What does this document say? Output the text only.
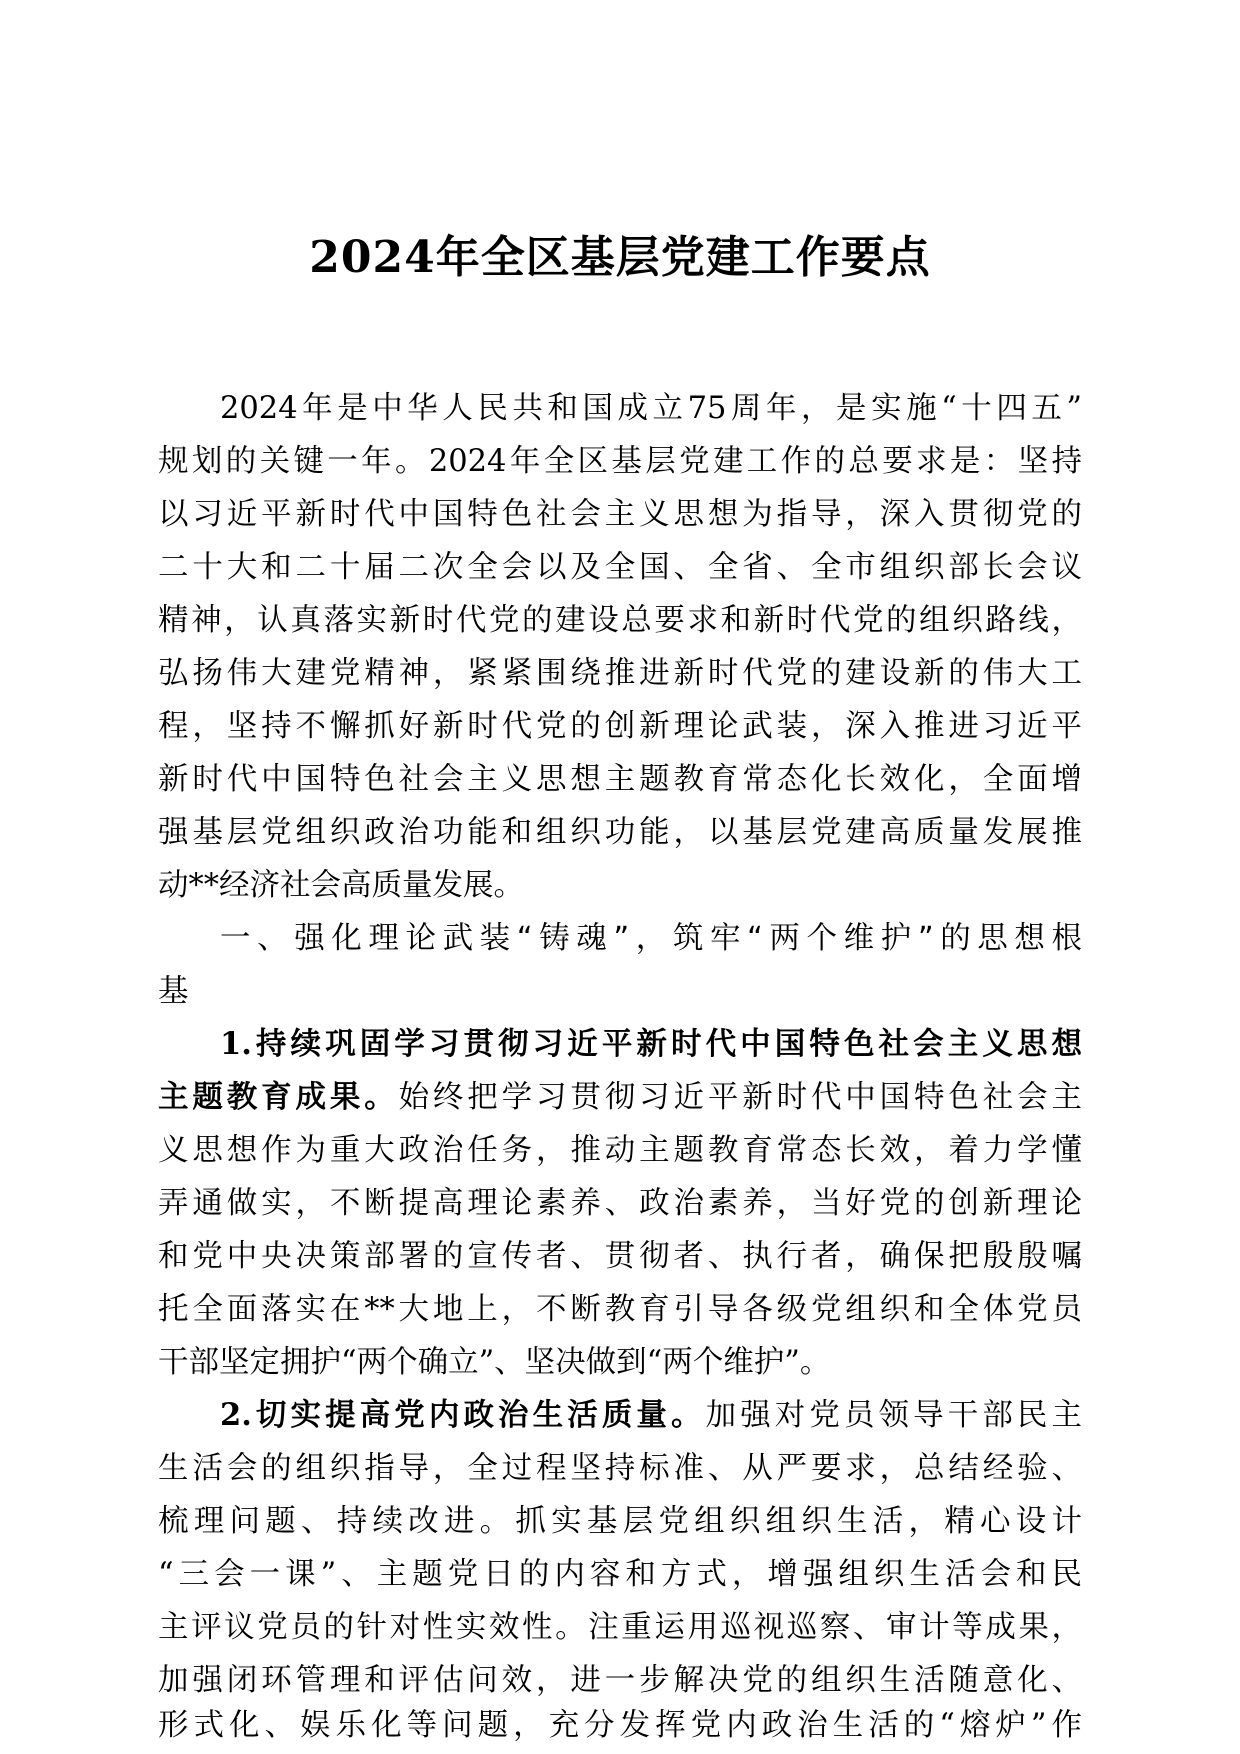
2024年全区基层党建工作要点
2024年是中华人民共和国成立75周年，是实施“十四五”
规划的关键一年。2024年全区基层党建工作的总要求是：坚持
以习近平新时代中国特色社会主义思想为指导，深入贯彻党的
二十大和二十届二次全会以及全国、全省、全市组织部长会议
精神，认真落实新时代党的建设总要求和新时代党的组织路线，
弘扬伟大建党精神，紧紧围绕推进新时代党的建设新的伟大工
程，坚持不懈抓好新时代党的创新理论武装，深入推进习近平
新时代中国特色社会主义思想主题教育常态化长效化，全面增
强基层党组织政治功能和组织功能，以基层党建高质量发展推
动**经济社会高质量发展。
一、强化理论武装“铸魂”，筑牢“两个维护”的思想根
基
1.持续巩固学习贯彻习近平新时代中国特色社会主义思想
主题教育成果。始终把学习贯彻习近平新时代中国特色社会主
义思想作为重大政治任务，推动主题教育常态长效，着力学懂
弄通做实，不断提高理论素养、政治素养，当好党的创新理论
和党中央决策部署的宣传者、贯彻者、执行者，确保把殷殷嘱
托全面落实在**大地上，不断教育引导各级党组织和全体党员
干部坚定拥护“两个确立”、坚决做到“两个维护”。
2.切实提高党内政治生活质量。加强对党员领导干部民主
生活会的组织指导，全过程坚持标准、从严要求，总结经验、
梳理问题、持续改进。抓实基层党组织组织生活，精心设计
“三会一课”、主题党日的内容和方式，增强组织生活会和民
主评议党员的针对性实效性。注重运用巡视巡察、审计等成果，
加强闭环管理和评估问效，进一步解决党的组织生活随意化、
形式化、娱乐化等问题，充分发挥党内政治生活的“熔炉”作
